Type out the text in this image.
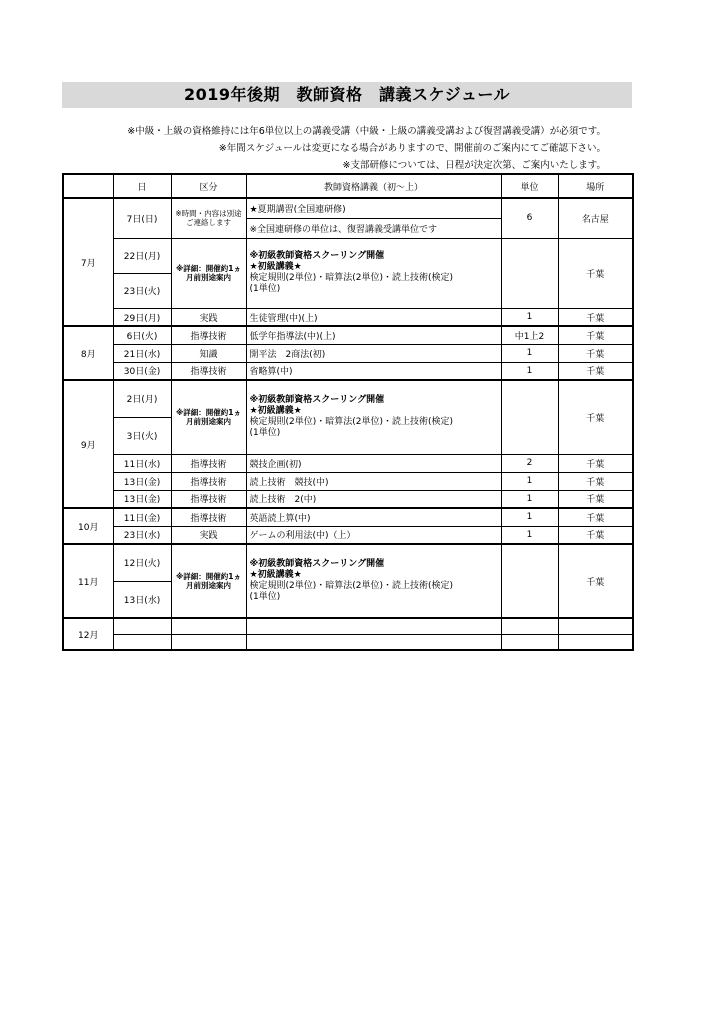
2019年後期　教師資格　講義スケジュール
※中級・上級の資格維持には年6単位以上の講義受講（中級・上級の講義受講および復習講義受講）が必須です。
※年間スケジュールは変更になる場合がありますので、開催前のご案内にてご確認下さい。
※支部研修については、日程が決定次第、ご案内いたします。
	日	区分	教師資格講義（初～上）	単位	場所
7月	7日(日)	※時間・内容は別途ご連絡します	★夏期講習(全国連研修)	6	名古屋
			※全国連研修の単位は、復習講義受講単位です		
	22日(月)	※詳細：開催約1ヵ月前別途案内	※初級教師資格スクーリング開催
★初級講義★
検定規則(2単位)・暗算法(2単位)・読上技術(検定)
(1単位)		千葉
	23日(火)				
	29日(月)	実践	生徒管理(中)(上)	1	千葉

8月	6日(火)	指導技術	低学年指導法(中)(上)	中1上2	千葉
	21日(水)	知識	開平法　2商法(初)	1	千葉
	30日(金)	指導技術	省略算(中)	1	千葉
9月	2日(月)	※詳細：開催約1ヵ月前別途案内	※初級教師資格スクーリング開催
★初級講義★
検定規則(2単位)・暗算法(2単位)・読上技術(検定)
(1単位)		千葉
	3日(火)				
	11日(水)	指導技術	競技企画(初)	2	千葉
	13日(金)	指導技術	読上技術　競技(中)	1	千葉
	13日(金)	指導技術	読上技術　2(中)	1	千葉
10月	11日(金)	指導技術	英語読上算(中)	1	千葉
	23日(水)	実践	ゲームの利用法(中)（上）	1	千葉
11月	12日(火)	※詳細：開催約1ヵ月前別途案内	※初級教師資格スクーリング開催
★初級講義★
検定規則(2単位)・暗算法(2単位)・読上技術(検定)
(1単位)		千葉
	13日(水)				
12月					
